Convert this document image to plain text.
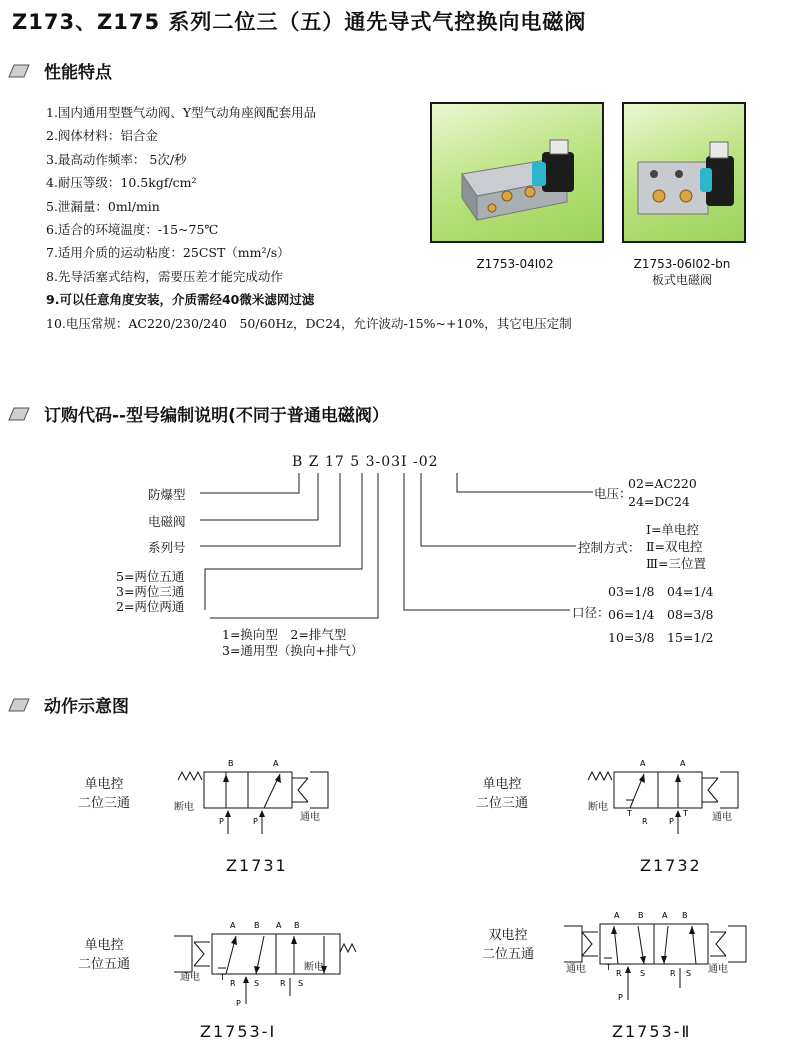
Z173、Z175 系列二位三（五）通先导式气控换向电磁阀
性能特点
1.国内通用型暨气动阀、Y型气动角座阀配套用品
2.阀体材料：铝合金
3.最高动作频率： 5次/秒
4.耐压等级：10.5kgf/cm²
5.泄漏量：0ml/min
6.适合的环境温度：-15~75℃
7.适用介质的运动粘度：25CST（mm²/s）
8.先导活塞式结构，需要压差才能完成动作
9.可以任意角度安装，介质需经40微米滤网过滤
10.电压常规：AC220/230/240　50/60Hz，DC24，允许波动-15%~+10%，其它电压定制
Z1753-04Ⅰ02	Z1753-06Ⅰ02-bn
板式电磁阀
订购代码--型号编制说明(不同于普通电磁阀）
B Z 17 5 3-03Ⅰ -02
防爆型
电磁阀
系列号
5=两位五通
3=两位三通
2=两位两通
1=换向型　2=排气型
3=通用型（换向+排气）
电压：
02=AC220
24=DC24
控制方式：
Ⅰ=单电控
Ⅱ=双电控
Ⅲ=三位置
口径：
03=1/8　04=1/4
06=1/4　08=3/8
10=3/8　15=1/2
动作示意图
单电控
二位三通
B	A
P	P
断电
通电
Z1731
单电控
二位三通
A	A
T
R	P
T
断电
通电
Z1732
单电控
二位五通
A B A B
T
R S	R S
P
通电
断电
Z1753-Ⅰ
双电控
二位五通
A B A B
T
R S	R S
P
通电	通电
Z1753-Ⅱ
